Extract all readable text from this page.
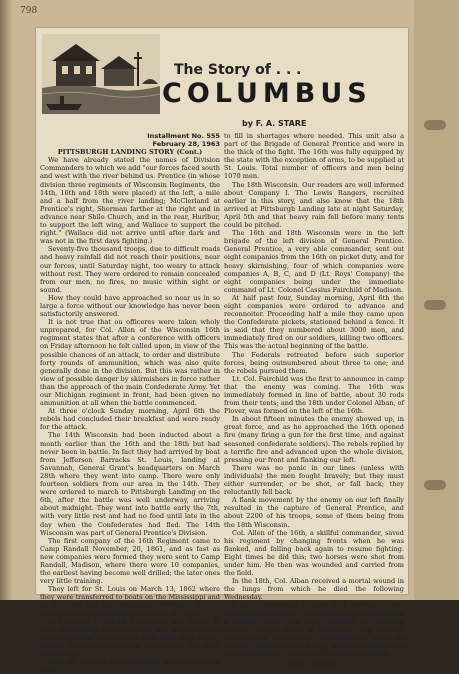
798
The Story of . . .
COLUMBUS
by F. A. STARE

Installment No. 555

February 28, 1963

PITTSBURGH LANDING STORY (Cont.)

We have already stated the names of Division Commanders to which we add "our forces faced south and west with the river behind us. Prentice (in whose division three regiments of Wisconsin Regiments, the 14th, 16th and 18th were placed) at the left, a mile and a half from the river landing; McClerland at Prentice's right, Sherman farther at the right and in advance near Shilo Church, and in the rear, Hurlbur, to support the left wing, and Wallace to support the right." (Wallace did not arrive until after dark and was not in the first days fighting.)

Seventy-five thousand troops, due to difficult roads and heavy rainfall did not reach their positions, near our forces, until Saturday night, too weary to attack without rest. They were ordered to remain concealed from our men, no fires, no music within sight or sound.

How they could have approached so near us in so large a force without our knowledge has never been satisfactorily answered.

It is not true that ou officeres were taken wholy unprepared, for Col. Allen of the Wisconsin 16th regiment states that after a conference with officers on Friday afternoon he felt called upon, in view of the possible chances of an attack, to order and distribute forty rounds of ammunition, which was also quite generally done in the division. But this was rather in view of possible danger by skirmishers in force rather than the approach of the main Confederate Army. Yet our Michigan regiment in front, had been given no ammunition at all when the battle commenced.

At three o'clock Sunday morning, April 6th the rebels had concluded their breakfast and were ready for the attack.

The 14th Wisconsin had been inducted about a month earlier than the 16th and the 18th but had never been in battle. In fact they had arrived by boat from Jefferson Barracks St. Louis, landing at Savannah, General Grant's headquarters on March 28th where they went into camp. There were only fourteen soldiers from our area in the 14th. They were ordered to march to Pittsburgh Landing on the 6th, after the battle was well underway, arriving about midnight. They went into battle early the 7th, with very little rest and had no food until late in the day when the Confederates had fled. The 14th Wisconsin was part of General Prentice's Division.

The first company of the 16th Regiment came to Camp Randall November, 20, 1861, and as fast as new companies were formed they were sent to Camp Randall, Madison, where there were 10 companies, the earliest having become well drilled; the later ones very little training.

They left for St. Louis on March 13, 1862 where they were transferred to boats on the Mississippi and up the Ohio, and the Tennessee, arriving at Grant's headquarters at Savannah on the 20th of March.

In Company D the lst Lieutenant was Edwin B. Roys of Hampden and Columbus, who is said to have recruited some thirty-five or forty men from Leeds, Otsego, Hampden and a few from across the Dane County Line.

Only 28, were in Roys' company, the others being used

to fill in shortages where needed. This unit also a part of the Brigade of General Prentice and were in the thick of the fight. The 16th was fully equipped by the state with the exception of arms, to be supplied at St. Louis. Total number of officers and men being 1070 men.

The 18th Wisconsin. Our readers are well informed about Company I. The Lewis Rangers, recruited earlier in this story, and also know that the 18th arrived at Pittsburgh Landing late at night Saturday, April 5th and that heavy rain fell before many tents could be pitched.

The 16th and 18th Wisconsin were in the left brigade of the left division of General Prentice. General Prentice, a very able commander, sent out eight companies from the 16th on picket duty, and for heavy skirmishing, four of which companies were companies A, B, C, and D (Lt. Roys' Company) the eight companies being under the immediate command of Lt. Colonel Cassius Fairchild of Madison.

At half past four, Sunday morning, April 6th the eight companies were ordered to advance and reconnoiter. Proceeding half a mile they came upon the Confederate pickets, stationed behind a fence. It is said that they numbered about 3000 men, and immediately fired on our soldiers, killing two officers. This was the actual beginning of the battle.

The Federals retreated before such superior forces, being outnumbered about three to one; and the rebels pursued them.

Lt. Col. Fairchild was the first to announce in camp that the enemy was coming. The 16th was immediately formed in line of battle, about 30 rods from their tents; and the 18th under Colonel Alban, of Plover, was formed on the left of the 16th.

In about fifteen minutes the enemy showed up, in great force, and as he approached the 16th opened fire (many firing a gun for the first time, and against seasoned confederate soldiers). The rebels replied by a terrific fire and advanced upon the whole division, pressing our front and flanking our left.

There was no panic in our lines (unless with individuals) the men fought bravely; but they must either surrender, or be shot, or fall back; they reluctantly fell back.

A flank movement by the enemy on our left finally resulted in the capture of General Prentice, and about 2200 of his troops, some of them being from the 18th Wisconsin.

Col. Allen of the 16th, a skillful commander, saved his regiment by changing fronts when he was flanked, and falling back again to resume fighting. Eight times he did this; two horses were shot from under him. He then was wounded and carried from the field.

In the 18th, Col. Alban received a mortal wound in the lungs from which he died the following Wednesday.

It was Confederate General W. J. Hardee's Corps that attacked General Prentice's division by driving in a wedge shape and then adopted the flanking process. Hardee found an opening or gap between Prentiss and McClernand's divisions into which he pressed, while Braxton Bragg, who commanded the second rebel line, reinforced Hardee on our front.

To be continued
